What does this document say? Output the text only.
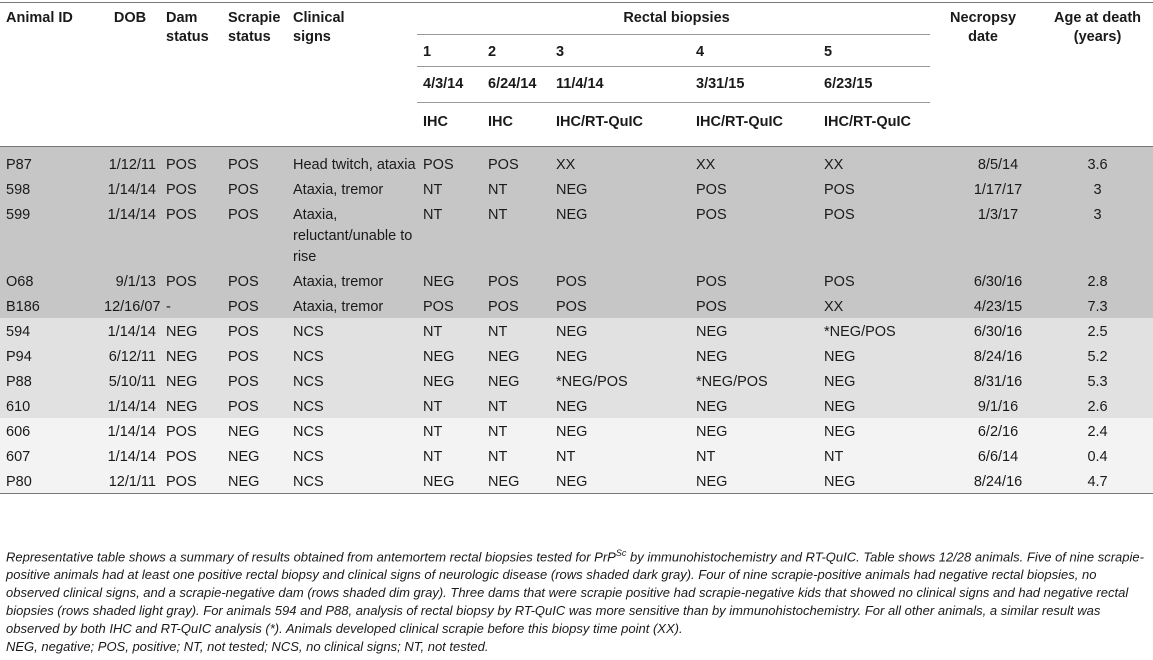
Animal ID	DOB	Dam status	Scrapie status	Clinical signs	Rectal biopsies					Necropsy date	Age at death (years)
					1	2	3	4	5		
					4/3/14	6/24/14	11/4/14	3/31/15	6/23/15		
					IHC	IHC	IHC/RT-QuIC	IHC/RT-QuIC	IHC/RT-QuIC		
P87	1/12/11	POS	POS	Head twitch, ataxia	POS	POS	XX	XX	XX	8/5/14	3.6
598	1/14/14	POS	POS	Ataxia, tremor	NT	NT	NEG	POS	POS	1/17/17	3
599	1/14/14	POS	POS	Ataxia, reluctant/unable to rise	NT	NT	NEG	POS	POS	1/3/17	3
O68	9/1/13	POS	POS	Ataxia, tremor	NEG	POS	POS	POS	POS	6/30/16	2.8
B186	12/16/07	-	POS	Ataxia, tremor	POS	POS	POS	POS	XX	4/23/15	7.3
594	1/14/14	NEG	POS	NCS	NT	NT	NEG	NEG	*NEG/POS	6/30/16	2.5
P94	6/12/11	NEG	POS	NCS	NEG	NEG	NEG	NEG	NEG	8/24/16	5.2
P88	5/10/11	NEG	POS	NCS	NEG	NEG	*NEG/POS	*NEG/POS	NEG	8/31/16	5.3
610	1/14/14	NEG	POS	NCS	NT	NT	NEG	NEG	NEG	9/1/16	2.6
606	1/14/14	POS	NEG	NCS	NT	NT	NEG	NEG	NEG	6/2/16	2.4
607	1/14/14	POS	NEG	NCS	NT	NT	NT	NT	NT	6/6/14	0.4
P80	12/1/11	POS	NEG	NCS	NEG	NEG	NEG	NEG	NEG	8/24/16	4.7
Representative table shows a summary of results obtained from antemortem rectal biopsies tested for PrP$^{Sc}$ by immunohistochemistry and RT-QuIC. Table shows 12/28 animals. Five of nine scrapie-positive animals had at least one positive rectal biopsy and clinical signs of neurologic disease (rows shaded dark gray). Four of nine scrapie-positive animals had negative rectal biopsies, no observed clinical signs, and a scrapie-negative dam (rows shaded dim gray). Three dams that were scrapie positive had scrapie-negative kids that showed no clinical signs and had negative rectal biopsies (rows shaded light gray). For animals 594 and P88, analysis of rectal biopsy by RT-QuIC was more sensitive than by immunohistochemistry. For all other animals, a similar result was observed by both IHC and RT-QuIC analysis (*). Animals developed clinical scrapie before this biopsy time point (XX).
NEG, negative; POS, positive; NT, not tested; NCS, no clinical signs; NT, not tested.
